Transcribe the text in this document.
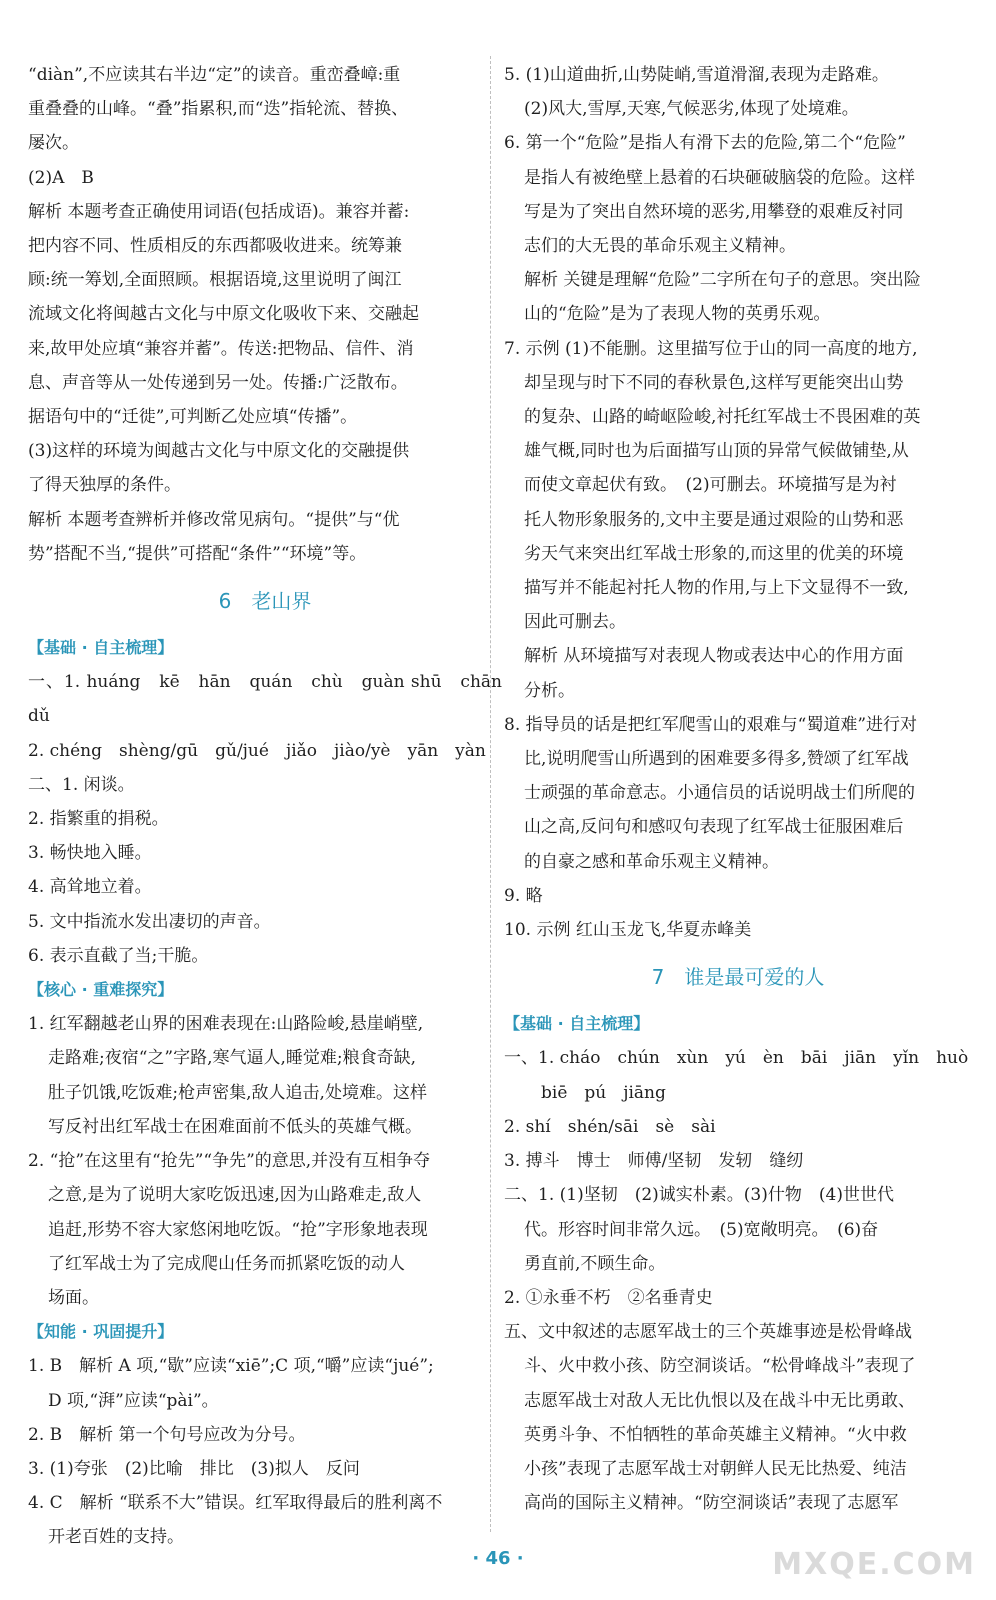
“diàn”,不应读其右半边“定”的读音。重峦叠嶂:重
重叠叠的山峰。“叠”指累积,而“迭”指轮流、替换、
屡次。
(2)A　B
解析 本题考查正确使用词语(包括成语)。兼容并蓄:
把内容不同、性质相反的东西都吸收进来。统筹兼
顾:统一筹划,全面照顾。根据语境,这里说明了闽江
流域文化将闽越古文化与中原文化吸收下来、交融起
来,故甲处应填“兼容并蓄”。传送:把物品、信件、消
息、声音等从一处传递到另一处。传播:广泛散布。
据语句中的“迁徙”,可判断乙处应填“传播”。
(3)这样的环境为闽越古文化与中原文化的交融提供
了得天独厚的条件。
解析 本题考查辨析并修改常见病句。“提供”与“优
势”搭配不当,“提供”可搭配“条件”“环境”等。
6 老山界
【基础 · 自主梳理】
一、1. huáng　kē　hān　quán　chù　guàn shū　chān　dǔ
2. chéng　shèng/gū　gǔ/jué　jiǎo　jiào/yè　yān　yàn
二、1. 闲谈。
2. 指繁重的捐税。
3. 畅快地入睡。
4. 高耸地立着。
5. 文中指流水发出凄切的声音。
6. 表示直截了当;干脆。
【核心 · 重难探究】
1. 红军翻越老山界的困难表现在:山路险峻,悬崖峭壁,
走路难;夜宿“之”字路,寒气逼人,睡觉难;粮食奇缺,
肚子饥饿,吃饭难;枪声密集,敌人追击,处境难。这样
写反衬出红军战士在困难面前不低头的英雄气概。
2. “抢”在这里有“抢先”“争先”的意思,并没有互相争夺
之意,是为了说明大家吃饭迅速,因为山路难走,敌人
追赶,形势不容大家悠闲地吃饭。“抢”字形象地表现
了红军战士为了完成爬山任务而抓紧吃饭的动人
场面。
【知能 · 巩固提升】
1. B　解析 A 项,“歇”应读“xiē”;C 项,“嚼”应读“jué”;
D 项,“湃”应读“pài”。
2. B　解析 第一个句号应改为分号。
3. (1)夸张　(2)比喻　排比　(3)拟人　反问
4. C　解析 “联系不大”错误。红军取得最后的胜利离不
开老百姓的支持。
5. (1)山道曲折,山势陡峭,雪道滑溜,表现为走路难。
(2)风大,雪厚,天寒,气候恶劣,体现了处境难。
6. 第一个“危险”是指人有滑下去的危险,第二个“危险”
是指人有被绝壁上悬着的石块砸破脑袋的危险。这样
写是为了突出自然环境的恶劣,用攀登的艰难反衬同
志们的大无畏的革命乐观主义精神。
解析 关键是理解“危险”二字所在句子的意思。突出险
山的“危险”是为了表现人物的英勇乐观。
7. 示例 (1)不能删。这里描写位于山的同一高度的地方,
却呈现与时下不同的春秋景色,这样写更能突出山势
的复杂、山路的崎岖险峻,衬托红军战士不畏困难的英
雄气概,同时也为后面描写山顶的异常气候做铺垫,从
而使文章起伏有致。　(2)可删去。环境描写是为衬
托人物形象服务的,文中主要是通过艰险的山势和恶
劣天气来突出红军战士形象的,而这里的优美的环境
描写并不能起衬托人物的作用,与上下文显得不一致,
因此可删去。
解析 从环境描写对表现人物或表达中心的作用方面
分析。
8. 指导员的话是把红军爬雪山的艰难与“蜀道难”进行对
比,说明爬雪山所遇到的困难要多得多,赞颂了红军战
士顽强的革命意志。小通信员的话说明战士们所爬的
山之高,反问句和感叹句表现了红军战士征服困难后
的自豪之感和革命乐观主义精神。
9. 略
10. 示例 红山玉龙飞,华夏赤峰美
7 谁是最可爱的人
【基础 · 自主梳理】
一、1. cháo　chún　xùn　yú　èn　bāi　jiān　yǐn　huò
　biē　pú　jiāng
2. shí　shén/sāi　sè　sài
3. 搏斗　博士　师傅/坚韧　发轫　缝纫
二、1. (1)坚韧　(2)诚实朴素。(3)什物　(4)世世代
代。形容时间非常久远。　(5)宽敞明亮。　(6)奋
勇直前,不顾生命。
2. ①永垂不朽　②名垂青史
五、文中叙述的志愿军战士的三个英雄事迹是松骨峰战
斗、火中救小孩、防空洞谈话。“松骨峰战斗”表现了
志愿军战士对敌人无比仇恨以及在战斗中无比勇敢、
英勇斗争、不怕牺牲的革命英雄主义精神。“火中救
小孩”表现了志愿军战士对朝鲜人民无比热爱、纯洁
高尚的国际主义精神。“防空洞谈话”表现了志愿军
· 46 ·	MXQE.COM
